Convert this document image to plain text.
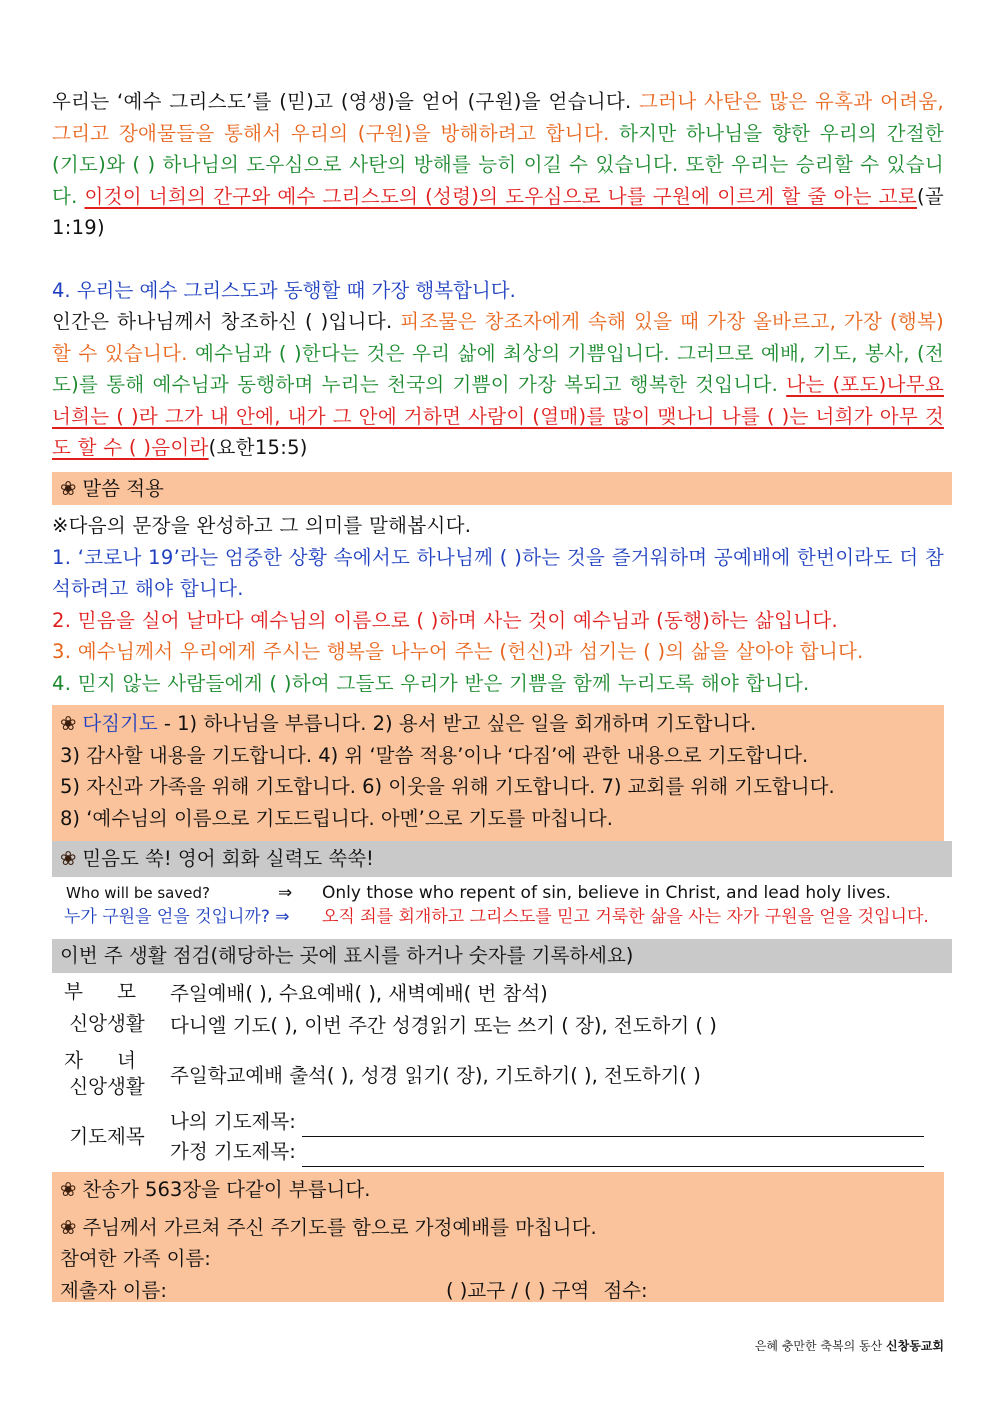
우리는 ‘예수 그리스도’를 (믿)고 (영생)을 얻어 (구원)을 얻습니다. 그러나 사탄은 많은 유혹과 어려움, 그리고 장애물들을 통해서 우리의 (구원)을 방해하려고 합니다. 하지만 하나님을 향한 우리의 간절한 (기도)와 ( ) 하나님의 도우심으로 사탄의 방해를 능히 이길 수 있습니다. 또한 우리는 승리할 수 있습니다. 이것이 너희의 간구와 예수 그리스도의 (성령)의 도우심으로 나를 구원에 이르게 할 줄 아는 고로(골1:19)
4. 우리는 예수 그리스도과 동행할 때 가장 행복합니다.
인간은 하나님께서 창조하신 ( )입니다. 피조물은 창조자에게 속해 있을 때 가장 올바르고, 가장 (행복)할 수 있습니다. 예수님과 ( )한다는 것은 우리 삶에 최상의 기쁨입니다. 그러므로 예배, 기도, 봉사, (전도)를 통해 예수님과 동행하며 누리는 천국의 기쁨이 가장 복되고 행복한 것입니다. 나는 (포도)나무요 너희는 ( )라 그가 내 안에, 내가 그 안에 거하면 사람이 (열매)를 많이 맺나니 나를 ( )는 너희가 아무 것도 할 수 ( )음이라(요한15:5)
❀ 말씀 적용
※다음의 문장을 완성하고 그 의미를 말해봅시다.
1. ‘코로나 19’라는 엄중한 상황 속에서도 하나님께 ( )하는 것을 즐거워하며 공예배에 한번이라도 더 참석하려고 해야 합니다.
2. 믿음을 실어 날마다 예수님의 이름으로 ( )하며 사는 것이 예수님과 (동행)하는 삶입니다.
3. 예수님께서 우리에게 주시는 행복을 나누어 주는 (헌신)과 섬기는 ( )의 삶을 살아야 합니다.
4. 믿지 않는 사람들에게 ( )하여 그들도 우리가 받은 기쁨을 함께 누리도록 해야 합니다.
❀ 다짐기도 - 1) 하나님을 부릅니다. 2) 용서 받고 싶은 일을 회개하며 기도합니다.
3) 감사할 내용을 기도합니다. 4) 위 ‘말씀 적용’이나 ‘다짐’에 관한 내용으로 기도합니다.
5) 자신과 가족을 위해 기도합니다. 6) 이웃을 위해 기도합니다. 7) 교회를 위해 기도합니다.
8) ‘예수님의 이름으로 기도드립니다. 아멘’으로 기도를 마칩니다.
❀ 믿음도 쑥! 영어 회화 실력도 쑥쑥!
Who will be saved?	⇒ Only those who repent of sin, believe in Christ, and lead holy lives.
누가 구원을 얻을 것입니까? ⇒ 오직 죄를 회개하고 그리스도를 믿고 거룩한 삶을 사는 자가 구원을 얻을 것입니다.
이번 주 생활 점검(해당하는 곳에 표시를 하거나 숫자를 기록하세요)
부 모	주일예배( ), 수요예배( ), 새벽예배( 번 참석)
신앙생활	다니엘 기도( ), 이번 주간 성경읽기 또는 쓰기 ( 장), 전도하기 ( )

자 녀
신앙생활	주일학교예배 출석( ), 성경 읽기( 장), 기도하기( ), 전도하기( )
기도제목	나의 기도제목:
가정 기도제목:
❀ 찬송가 563장을 다같이 부릅니다.
❀ 주님께서 가르쳐 주신 주기도를 함으로 가정예배를 마칩니다.
참여한 가족 이름:
제출자 이름:	( )교구 / ( ) 구역 점수:
은혜 충만한 축복의 동산 신창동교회
